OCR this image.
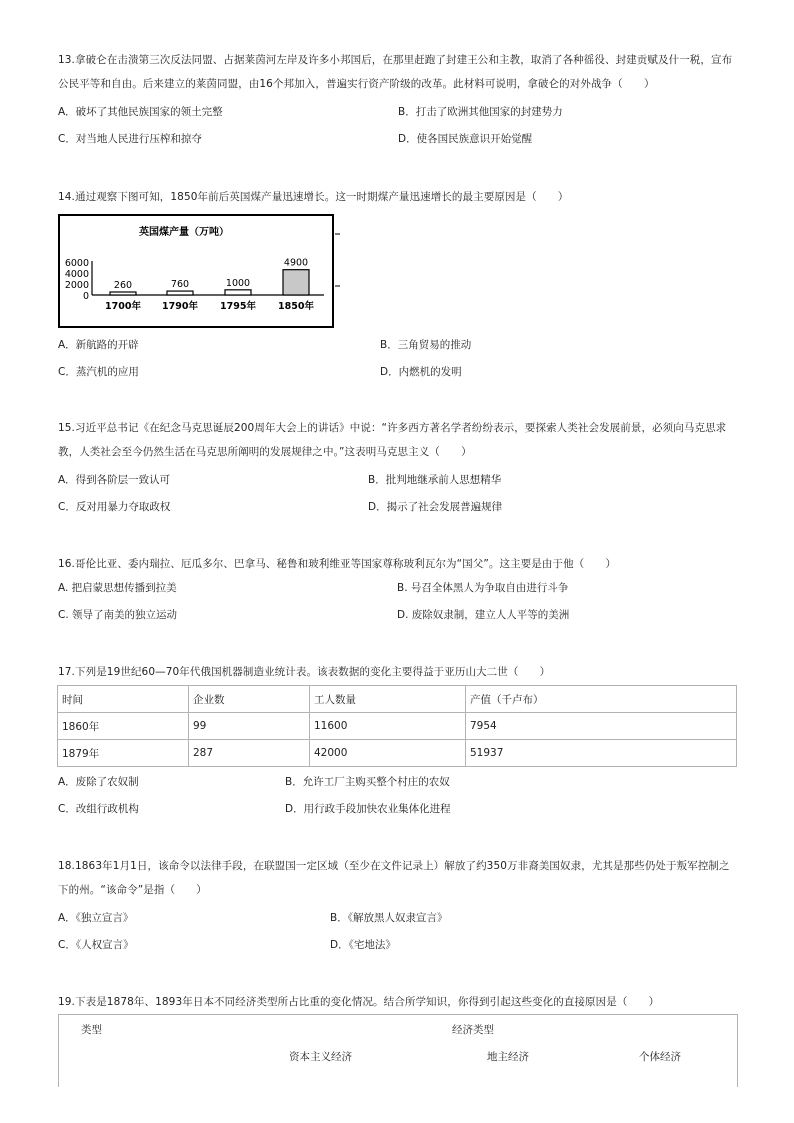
13.拿破仑在击溃第三次反法同盟、占据莱茵河左岸及许多小邦国后，在那里赶跑了封建王公和主教，取消了各种徭役、封建贡赋及什一税，宣布公民平等和自由。后来建立的莱茵同盟，由16个邦加入，普遍实行资产阶级的改革。此材料可说明，拿破仑的对外战争（　　）
A．破坏了其他民族国家的领土完整	B．打击了欧洲其他国家的封建势力
C．对当地人民进行压榨和掠夺	D．使各国民族意识开始觉醒
14.通过观察下图可知，1850年前后英国煤产量迅速增长。这一时期煤产量迅速增长的最主要原因是（　　）
英国煤产量（万吨）
6000
4000
2000
0
260
1700年
760
1790年
1000
1795年
4900
1850年
A．新航路的开辟	B．三角贸易的推动
C．蒸汽机的应用	D．内燃机的发明
15.习近平总书记《在纪念马克思诞辰200周年大会上的讲话》中说：“许多西方著名学者纷纷表示，要探索人类社会发展前景，必须向马克思求教，人类社会至今仍然生活在马克思所阐明的发展规律之中。”这表明马克思主义（　　）
A．得到各阶层一致认可	B．批判地继承前人思想精华
C．反对用暴力夺取政权	D．揭示了社会发展普遍规律
16.哥伦比亚、委内瑞拉、厄瓜多尔、巴拿马、秘鲁和玻利维亚等国家尊称玻利瓦尔为“国父”。这主要是由于他（　　）
A. 把启蒙思想传播到拉美	B. 号召全体黑人为争取自由进行斗争
C. 领导了南美的独立运动	D. 废除奴隶制，建立人人平等的美洲
17.下列是19世纪60—70年代俄国机器制造业统计表。该表数据的变化主要得益于亚历山大二世（　　）
时间	企业数	工人数量	产值（千卢布）
1860年	99	11600	7954
1879年	287	42000	51937
A．废除了农奴制	B．允许工厂主购买整个村庄的农奴
C．改组行政机构	D．用行政手段加快农业集体化进程
18.1863年1月1日，该命令以法律手段，在联盟国一定区域（至少在文件记录上）解放了约350万非裔美国奴隶，尤其是那些仍处于叛军控制之下的州。“该命令”是指（　　）
A．《独立宣言》	B．《解放黑人奴隶宣言》
C．《人权宣言》	D．《宅地法》
19.下表是1878年、1893年日本不同经济类型所占比重的变化情况。结合所学知识，你得到引起这些变化的直接原因是（　　）
类型	经济类型
资本主义经济	地主经济	个体经济
